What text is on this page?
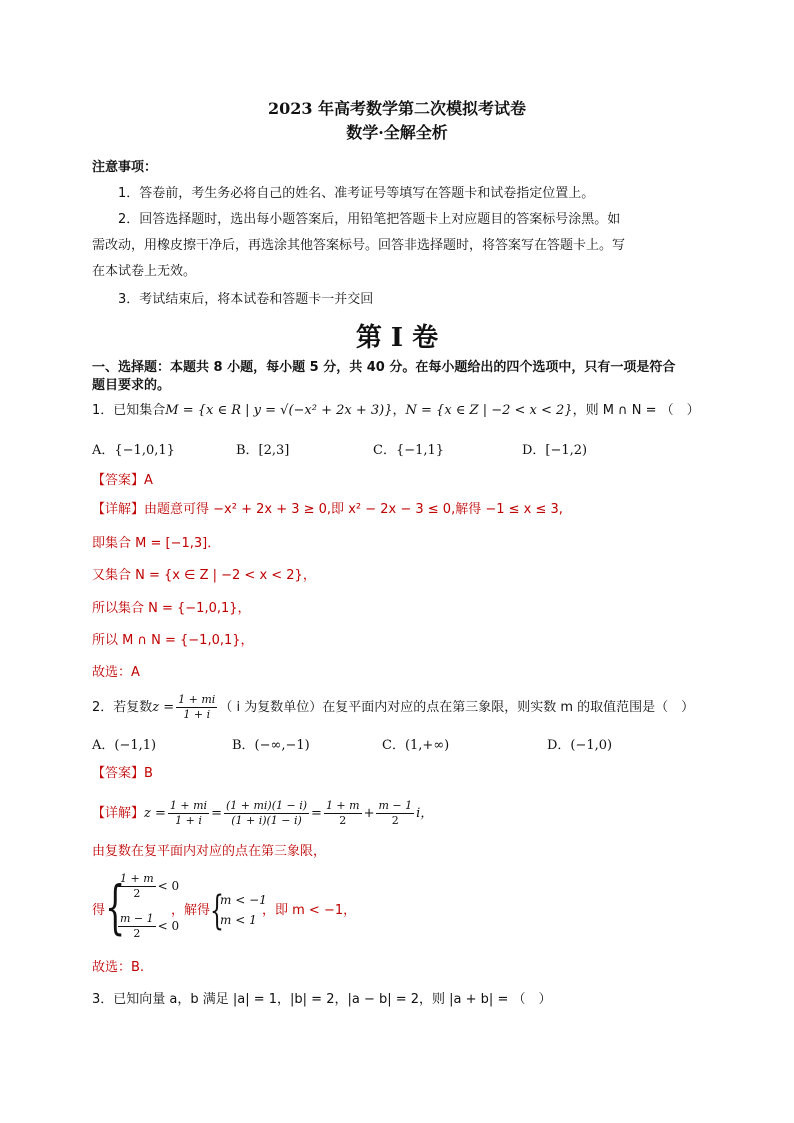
2023 年高考数学第二次模拟考试卷
数学·全解全析
注意事项：
1．答卷前，考生务必将自己的姓名、准考证号等填写在答题卡和试卷指定位置上。
2．回答选择题时，选出每小题答案后，用铅笔把答题卡上对应题目的答案标号涂黑。如
需改动，用橡皮擦干净后，再选涂其他答案标号。回答非选择题时，将答案写在答题卡上。写
在本试卷上无效。
3．考试结束后，将本试卷和答题卡一并交回
第 I 卷
一、选择题：本题共 8 小题，每小题 5 分，共 40 分。在每小题给出的四个选项中，只有一项是符合
题目要求的。
1．已知集合M = {x ∈ R | y = √(−x² + 2x + 3)}，N = {x ∈ Z | −2 < x < 2}，则 M ∩ N = （　）
A．{−1,0,1}	B．[2,3]	C．{−1,1}	D．[−1,2)
【答案】A
【详解】由题意可得 −x² + 2x + 3 ≥ 0,即 x² − 2x − 3 ≤ 0,解得 −1 ≤ x ≤ 3,
即集合 M = [−1,3]．
又集合 N = {x ∈ Z | −2 < x < 2}，
所以集合 N = {−1,0,1}，
所以 M ∩ N = {−1,0,1}，
故选：A
2．若复数$z = \frac{1 + mi}{1 + i}$ （ i 为复数单位）在复平面内对应的点在第三象限，则实数 m 的取值范围是（　）
A．(−1,1)	B．(−∞,−1)	C．(1,+∞)	D．(−1,0)
【答案】B
【详解】$z = \frac{1 + mi}{1 + i} = \frac{(1 + mi)(1 - i)}{(1 + i)(1 - i)} = \frac{1 + m}{2} + \frac{m - 1}{2}$ i，
由复数在复平面内对应的点在第三象限，
得 {
$\frac{1 + m}{2} < 0$
$\frac{m - 1}{2} < 0$
，解得 {
m < −1
m < 1
，即 m < −1，
故选：B.
3．已知向量 a，b 满足 |a| = 1，|b| = 2，|a − b| = 2，则 |a + b| = （　）
